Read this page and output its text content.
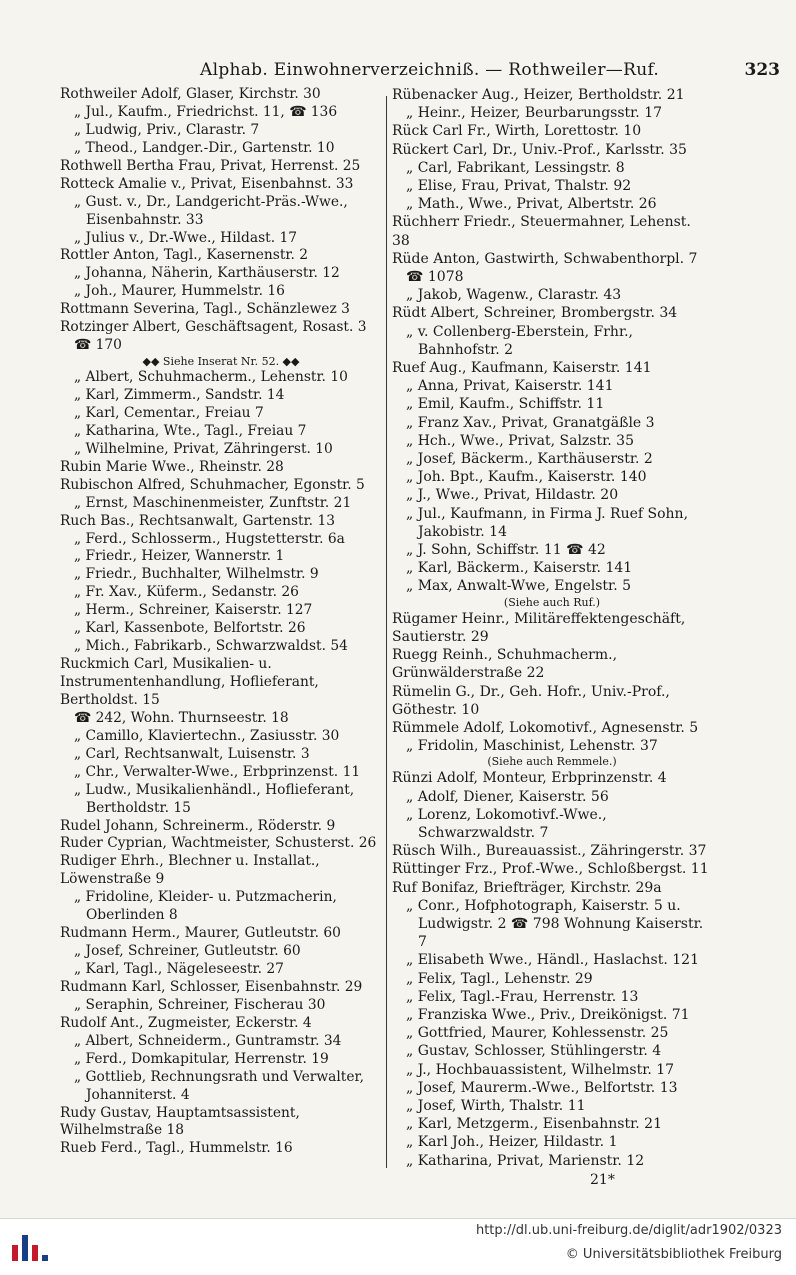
Alphab. Einwohnerverzeichniß. — Rothweiler—Ruf.	323

Rothweiler Adolf, Glaser, Kirchstr. 30

„ Jul., Kaufm., Friedrichst. 11, ☎ 136

„ Ludwig, Priv., Clarastr. 7

„ Theod., Landger.-Dir., Gartenstr. 10

Rothwell Bertha Frau, Privat, Herrenst. 25

Rotteck Amalie v., Privat, Eisenbahnst. 33

„ Gust. v., Dr., Landgericht-Präs.-Wwe., Eisenbahnstr. 33

„ Julius v., Dr.-Wwe., Hildast. 17

Rottler Anton, Tagl., Kasernenstr. 2

„ Johanna, Näherin, Karthäuserstr. 12

„ Joh., Maurer, Hummelstr. 16

Rottmann Severina, Tagl., Schänzlewez 3

Rotzinger Albert, Geschäftsagent, Rosast. 3

☎ 170

◆◆ Siehe Inserat Nr. 52. ◆◆

„ Albert, Schuhmacherm., Lehenstr. 10

„ Karl, Zimmerm., Sandstr. 14

„ Karl, Cementar., Freiau 7

„ Katharina, Wte., Tagl., Freiau 7

„ Wilhelmine, Privat, Zähringerst. 10

Rubin Marie Wwe., Rheinstr. 28

Rubischon Alfred, Schuhmacher, Egonstr. 5

„ Ernst, Maschinenmeister, Zunftstr. 21

Ruch Bas., Rechtsanwalt, Gartenstr. 13

„ Ferd., Schlosserm., Hugstetterstr. 6a

„ Friedr., Heizer, Wannerstr. 1

„ Friedr., Buchhalter, Wilhelmstr. 9

„ Fr. Xav., Küferm., Sedanstr. 26

„ Herm., Schreiner, Kaiserstr. 127

„ Karl, Kassenbote, Belfortstr. 26

„ Mich., Fabrikarb., Schwarzwaldst. 54

Ruckmich Carl, Musikalien- u. Instrumentenhandlung, Hoflieferant, Bertholdst. 15

☎ 242, Wohn. Thurnseestr. 18

„ Camillo, Klaviertechn., Zasiusstr. 30

„ Carl, Rechtsanwalt, Luisenstr. 3

„ Chr., Verwalter-Wwe., Erbprinzenst. 11

„ Ludw., Musikalienhändl., Hoflieferant, Bertholdstr. 15

Rudel Johann, Schreinerm., Röderstr. 9

Ruder Cyprian, Wachtmeister, Schusterst. 26

Rudiger Ehrh., Blechner u. Installat., Löwenstraße 9

„ Fridoline, Kleider- u. Putzmacherin, Oberlinden 8

Rudmann Herm., Maurer, Gutleutstr. 60

„ Josef, Schreiner, Gutleutstr. 60

„ Karl, Tagl., Nägeleseestr. 27

Rudmann Karl, Schlosser, Eisenbahnstr. 29

„ Seraphin, Schreiner, Fischerau 30

Rudolf Ant., Zugmeister, Eckerstr. 4

„ Albert, Schneiderm., Guntramstr. 34

„ Ferd., Domkapitular, Herrenstr. 19

„ Gottlieb, Rechnungsrath und Verwalter, Johanniterst. 4

Rudy Gustav, Hauptamtsassistent, Wilhelmstraße 18

Rueb Ferd., Tagl., Hummelstr. 16

Rübenacker Aug., Heizer, Bertholdstr. 21

„ Heinr., Heizer, Beurbarungsstr. 17

Rück Carl Fr., Wirth, Lorettostr. 10

Rückert Carl, Dr., Univ.-Prof., Karlsstr. 35

„ Carl, Fabrikant, Lessingstr. 8

„ Elise, Frau, Privat, Thalstr. 92

„ Math., Wwe., Privat, Albertstr. 26

Rüchherr Friedr., Steuermahner, Lehenst. 38

Rüde Anton, Gastwirth, Schwabenthorpl. 7

☎ 1078

„ Jakob, Wagenw., Clarastr. 43

Rüdt Albert, Schreiner, Brombergstr. 34

„ v. Collenberg-Eberstein, Frhr., Bahnhofstr. 2

Ruef Aug., Kaufmann, Kaiserstr. 141

„ Anna, Privat, Kaiserstr. 141

„ Emil, Kaufm., Schiffstr. 11

„ Franz Xav., Privat, Granatgäßle 3

„ Hch., Wwe., Privat, Salzstr. 35

„ Josef, Bäckerm., Karthäuserstr. 2

„ Joh. Bpt., Kaufm., Kaiserstr. 140

„ J., Wwe., Privat, Hildastr. 20

„ Jul., Kaufmann, in Firma J. Ruef Sohn, Jakobistr. 14

„ J. Sohn, Schiffstr. 11 ☎ 42

„ Karl, Bäckerm., Kaiserstr. 141

„ Max, Anwalt-Wwe, Engelstr. 5

(Siehe auch Ruf.)

Rügamer Heinr., Militäreffektengeschäft, Sautierstr. 29

Ruegg Reinh., Schuhmacherm., Grünwälderstraße 22

Rümelin G., Dr., Geh. Hofr., Univ.-Prof., Göthestr. 10

Rümmele Adolf, Lokomotivf., Agnesenstr. 5

„ Fridolin, Maschinist, Lehenstr. 37

(Siehe auch Remmele.)

Rünzi Adolf, Monteur, Erbprinzenstr. 4

„ Adolf, Diener, Kaiserstr. 56

„ Lorenz, Lokomotivf.-Wwe., Schwarzwaldstr. 7

Rüsch Wilh., Bureauassist., Zähringerstr. 37

Rüttinger Frz., Prof.-Wwe., Schloßbergst. 11

Ruf Bonifaz, Briefträger, Kirchstr. 29a

„ Conr., Hofphotograph, Kaiserstr. 5 u. Ludwigstr. 2 ☎ 798 Wohnung Kaiserstr. 7

„ Elisabeth Wwe., Händl., Haslachst. 121

„ Felix, Tagl., Lehenstr. 29

„ Felix, Tagl.-Frau, Herrenstr. 13

„ Franziska Wwe., Priv., Dreikönigst. 71

„ Gottfried, Maurer, Kohlessenstr. 25

„ Gustav, Schlosser, Stühlingerstr. 4

„ J., Hochbauassistent, Wilhelmstr. 17

„ Josef, Maurerm.-Wwe., Belfortstr. 13

„ Josef, Wirth, Thalstr. 11

„ Karl, Metzgerm., Eisenbahnstr. 21

„ Karl Joh., Heizer, Hildastr. 1

„ Katharina, Privat, Marienstr. 12

21*
http://dl.ub.uni-freiburg.de/diglit/adr1902/0323
© Universitätsbibliothek Freiburg
